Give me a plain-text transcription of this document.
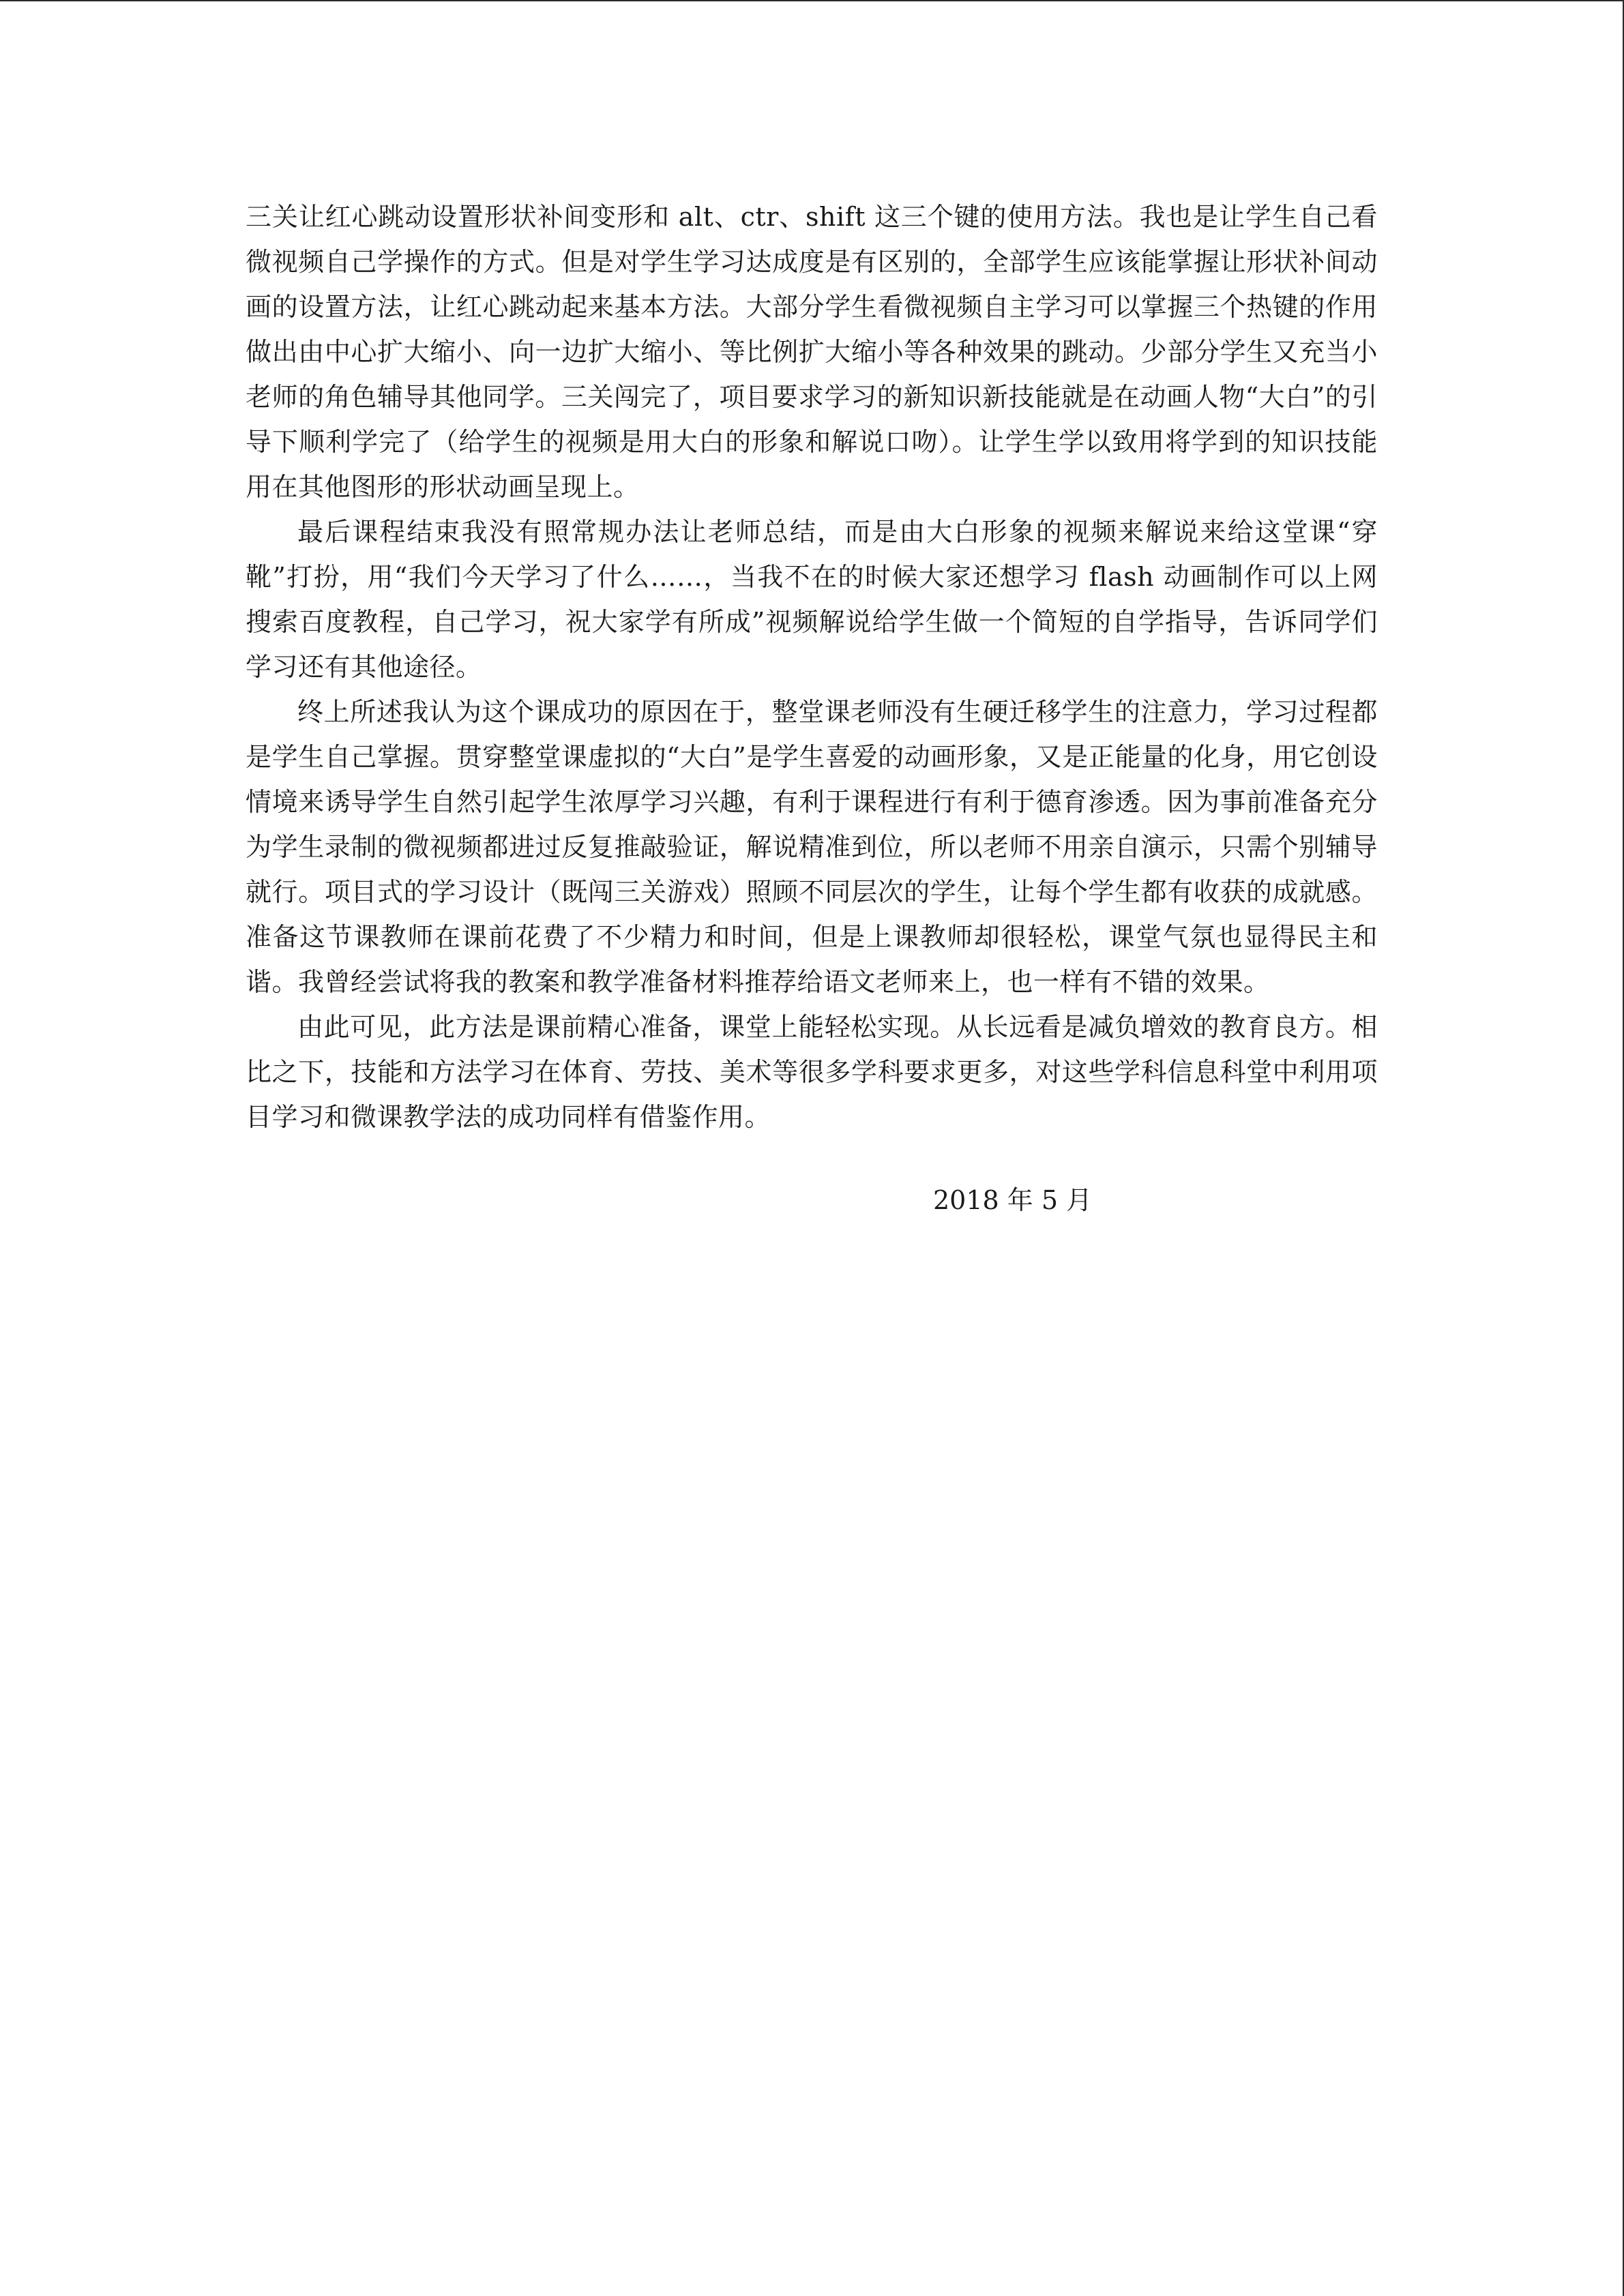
三关让红心跳动设置形状补间变形和 alt、ctr、shift 这三个键的使用方法。我也是让学生自己看微视频自己学操作的方式。但是对学生学习达成度是有区别的，全部学生应该能掌握让形状补间动画的设置方法，让红心跳动起来基本方法。大部分学生看微视频自主学习可以掌握三个热键的作用做出由中心扩大缩小、向一边扩大缩小、等比例扩大缩小等各种效果的跳动。少部分学生又充当小老师的角色辅导其他同学。三关闯完了，项目要求学习的新知识新技能就是在动画人物“大白”的引导下顺利学完了（给学生的视频是用大白的形象和解说口吻）。让学生学以致用将学到的知识技能用在其他图形的形状动画呈现上。

最后课程结束我没有照常规办法让老师总结，而是由大白形象的视频来解说来给这堂课“穿靴”打扮，用“我们今天学习了什么……，当我不在的时候大家还想学习 flash 动画制作可以上网搜索百度教程，自己学习，祝大家学有所成”视频解说给学生做一个简短的自学指导，告诉同学们学习还有其他途径。

终上所述我认为这个课成功的原因在于，整堂课老师没有生硬迁移学生的注意力，学习过程都是学生自己掌握。贯穿整堂课虚拟的“大白”是学生喜爱的动画形象，又是正能量的化身，用它创设情境来诱导学生自然引起学生浓厚学习兴趣，有利于课程进行有利于德育渗透。因为事前准备充分为学生录制的微视频都进过反复推敲验证，解说精准到位，所以老师不用亲自演示，只需个别辅导就行。项目式的学习设计（既闯三关游戏）照顾不同层次的学生，让每个学生都有收获的成就感。准备这节课教师在课前花费了不少精力和时间，但是上课教师却很轻松，课堂气氛也显得民主和谐。我曾经尝试将我的教案和教学准备材料推荐给语文老师来上，也一样有不错的效果。

由此可见，此方法是课前精心准备，课堂上能轻松实现。从长远看是减负增效的教育良方。相比之下，技能和方法学习在体育、劳技、美术等很多学科要求更多，对这些学科信息科堂中利用项目学习和微课教学法的成功同样有借鉴作用。

2018 年 5 月
